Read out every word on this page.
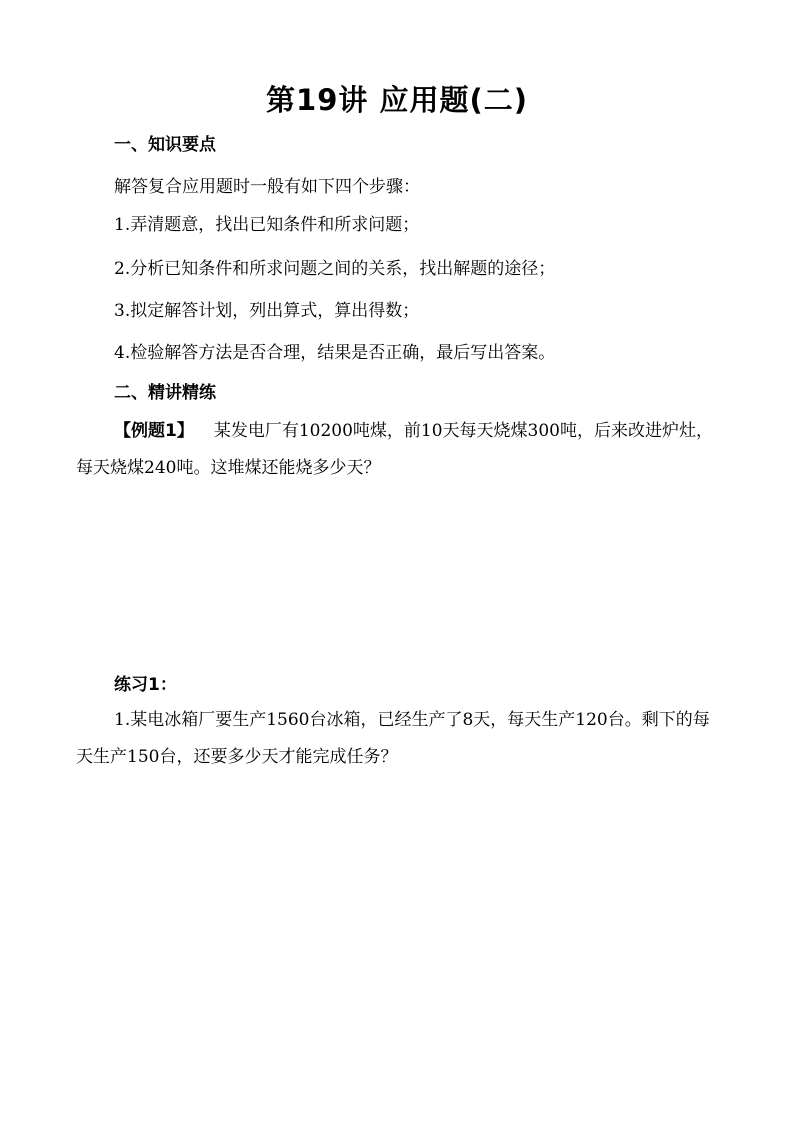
第19讲 应用题(二)
一、知识要点
解答复合应用题时一般有如下四个步骤：
1.弄清题意，找出已知条件和所求问题；
2.分析已知条件和所求问题之间的关系，找出解题的途径；
3.拟定解答计划，列出算式，算出得数；
4.检验解答方法是否合理，结果是否正确，最后写出答案。
二、精讲精练
【例题1】 某发电厂有10200吨煤，前10天每天烧煤300吨，后来改进炉灶，每天烧煤240吨。这堆煤还能烧多少天？
练习1：
1.某电冰箱厂要生产1560台冰箱，已经生产了8天，每天生产120台。剩下的每天生产150台，还要多少天才能完成任务？
